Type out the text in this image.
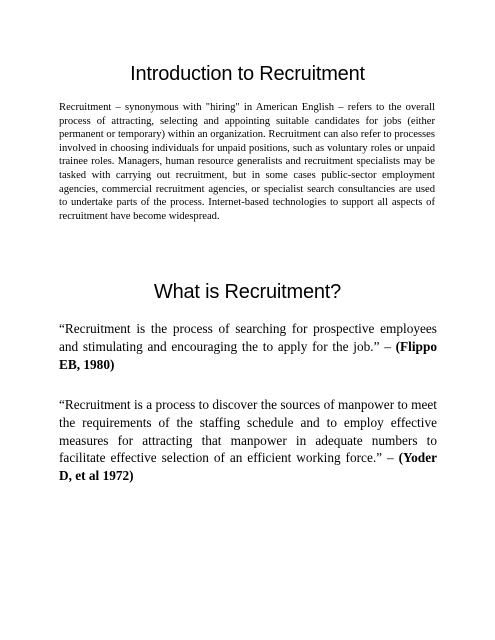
Introduction to Recruitment

Recruitment – synonymous with "hiring" in American English – refers to the overall process of attracting, selecting and appointing suitable candidates for jobs (either permanent or temporary) within an organization. Recruitment can also refer to processes involved in choosing individuals for unpaid positions, such as voluntary roles or unpaid trainee roles. Managers, human resource generalists and recruitment specialists may be tasked with carrying out recruitment, but in some cases public-sector employment agencies, commercial recruitment agencies, or specialist search consultancies are used to undertake parts of the process. Internet-based technologies to support all aspects of recruitment have become widespread.

What is Recruitment?

“Recruitment is the process of searching for prospective employees and stimulating and encouraging the to apply for the job.” – (Flippo EB, 1980)

“Recruitment is a process to discover the sources of manpower to meet the requirements of the staffing schedule and to employ effective measures for attracting that manpower in adequate numbers to facilitate effective selection of an efficient working force.” – (Yoder D, et al 1972)
